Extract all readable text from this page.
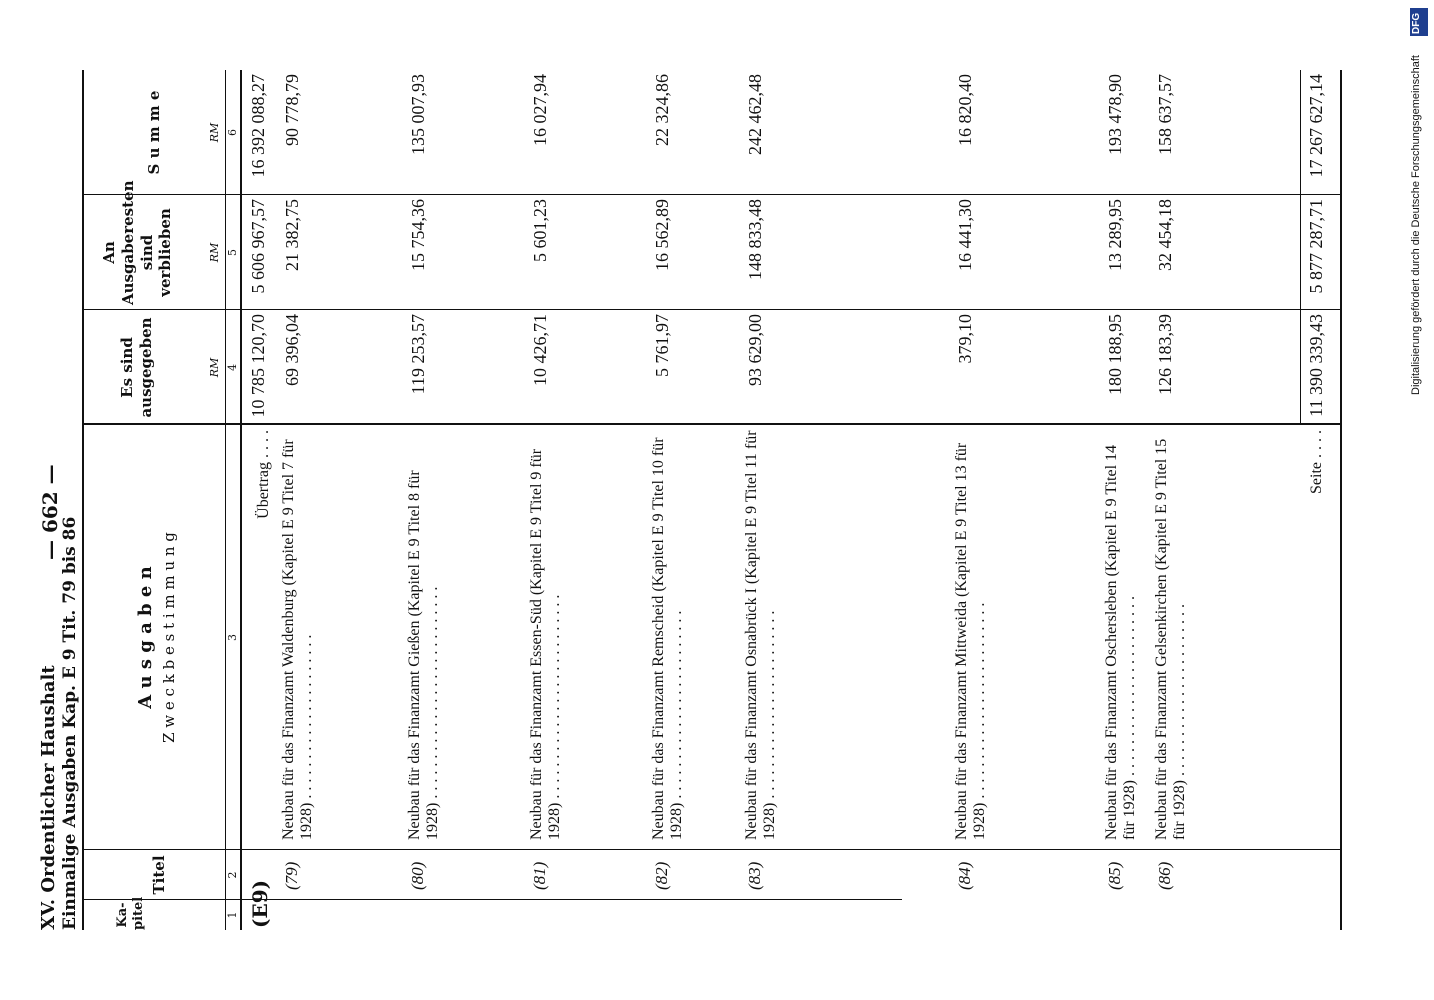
XV. Ordentlicher Haushalt Einmalige Ausgaben Kap. E 9 Tit. 79 bis 86
— 662 —
Ka-pitel
Titel
A u s g a b e n Z w e c k b e s t i m m u n g
Es sind ausgegeben
An Ausgaberesten sind verblieben
S u m m e
RM
RM
RM
1
2
3
4
5
6
(E9)
Übertrag . . . .
10 785 120,70
5 606 967,57
16 392 088,27
(79)
Neubau für das Finanzamt Waldenburg (Kapitel E 9 Titel 7 für 1928) . . . . . . . . . . . . . . . . . . . . .
69 396,04
21 382,75
90 778,79
(80)
Neubau für das Finanzamt Gießen (Kapitel E 9 Titel 8 für 1928) . . . . . . . . . . . . . . . . . . . . . . . . . . .
119 253,57
15 754,36
135 007,93
(81)
Neubau für das Finanzamt Essen-Süd (Kapitel E 9 Titel 9 für 1928) . . . . . . . . . . . . . . . . . . . . . . . . . .
10 426,71
5 601,23
16 027,94
(82)
Neubau für das Finanzamt Remscheid (Kapitel E 9 Titel 10 für 1928) . . . . . . . . . . . . . . . . . . . . . . . .
5 761,97
16 562,89
22 324,86
(83)
Neubau für das Finanzamt Osnabrück I (Kapitel E 9 Titel 11 für 1928) . . . . . . . . . . . . . . . . . . . . . . . .
93 629,00
148 833,48
242 462,48
(84)
Neubau für das Finanzamt Mittweida (Kapitel E 9 Titel 13 für 1928) . . . . . . . . . . . . . . . . . . . . . . . . .
379,10
16 441,30
16 820,40
(85)
Neubau für das Finanzamt Oschersleben (Kapitel E 9 Titel 14 für 1928) . . . . . . . . . . . . . . . . . . . . . . .
180 188,95
13 289,95
193 478,90
(86)
Neubau für das Finanzamt Gelsenkirchen (Kapitel E 9 Titel 15 für 1928) . . . . . . . . . . . . . . . . . . . . . .
126 183,39
32 454,18
158 637,57
Seite . . . .
11 390 339,43
5 877 287,71
17 267 627,14
DFG
Digitalisierung gefördert durch die Deutsche Forschungsgemeinschaft
